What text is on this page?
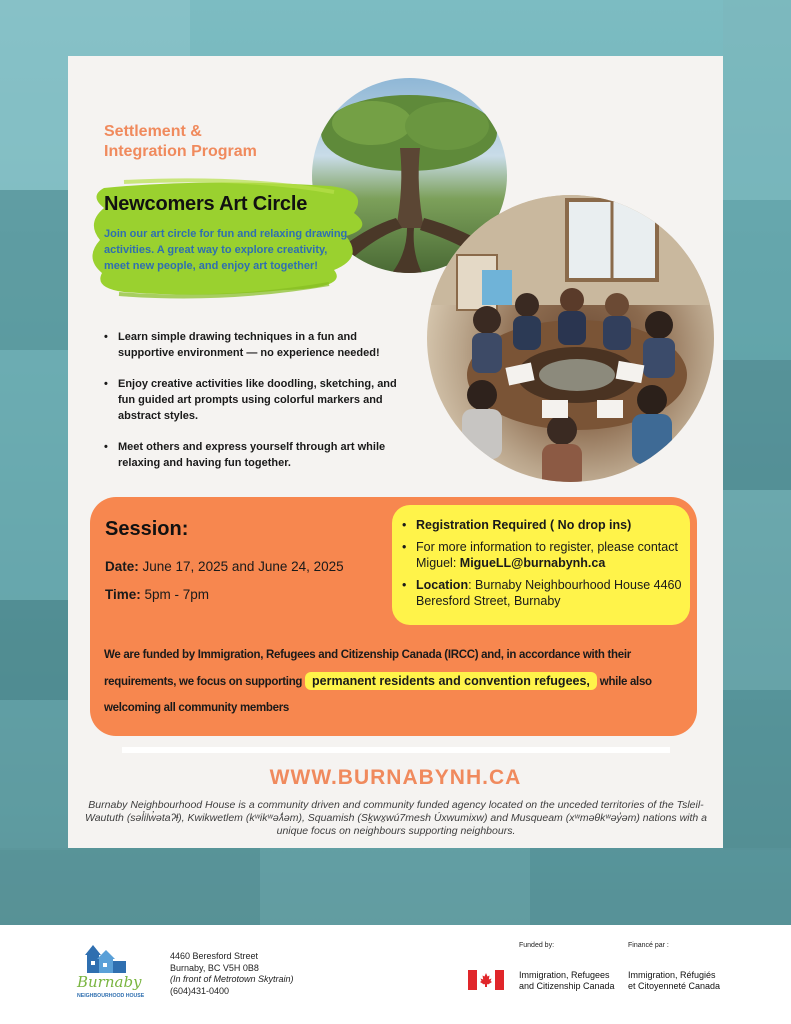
Settlement &
Integration Program
Newcomers Art Circle
Join our art circle for fun and relaxing drawing activities. A great way to explore creativity, meet new people, and enjoy art together!
• Learn simple drawing techniques in a fun and supportive environment — no experience needed!
• Enjoy creative activities like doodling, sketching, and fun guided art prompts using colorful markers and abstract styles.
• Meet others and express yourself through art while relaxing and having fun together.
Session:
Date: June 17, 2025 and June 24, 2025
Time: 5pm - 7pm
• Registration Required ( No drop ins)
• For more information to register, please contact Miguel: MigueLL@burnabynh.ca
• Location: Burnaby Neighbourhood House 4460 Beresford Street, Burnaby
We are funded by Immigration, Refugees and Citizenship Canada (IRCC) and, in accordance with their requirements, we focus on supporting permanent residents and convention refugees, while also welcoming all community members
WWW.BURNABYNH.CA
Burnaby Neighbourhood House is a community driven and community funded agency located on the unceded territories of the Tsleil-Waututh (səl̓ilw̓ətaʔɬ), Kwikwetlem (kʷikʷəƛ̓əm), Squamish (Sḵwx̱wú7mesh Úxwumixw) and Musqueam (xʷməθkʷəy̓əm) nations with a unique focus on neighbours supporting neighbours.
Burnaby
NEIGHBOURHOOD HOUSE
4460 Beresford Street
Burnaby, BC V5H 0B8
(In front of Metrotown Skytrain)
(604)431-0400
Funded by:	Financé par :
Immigration, Refugees
and Citizenship Canada
Immigration, Réfugiés
et Citoyenneté Canada
